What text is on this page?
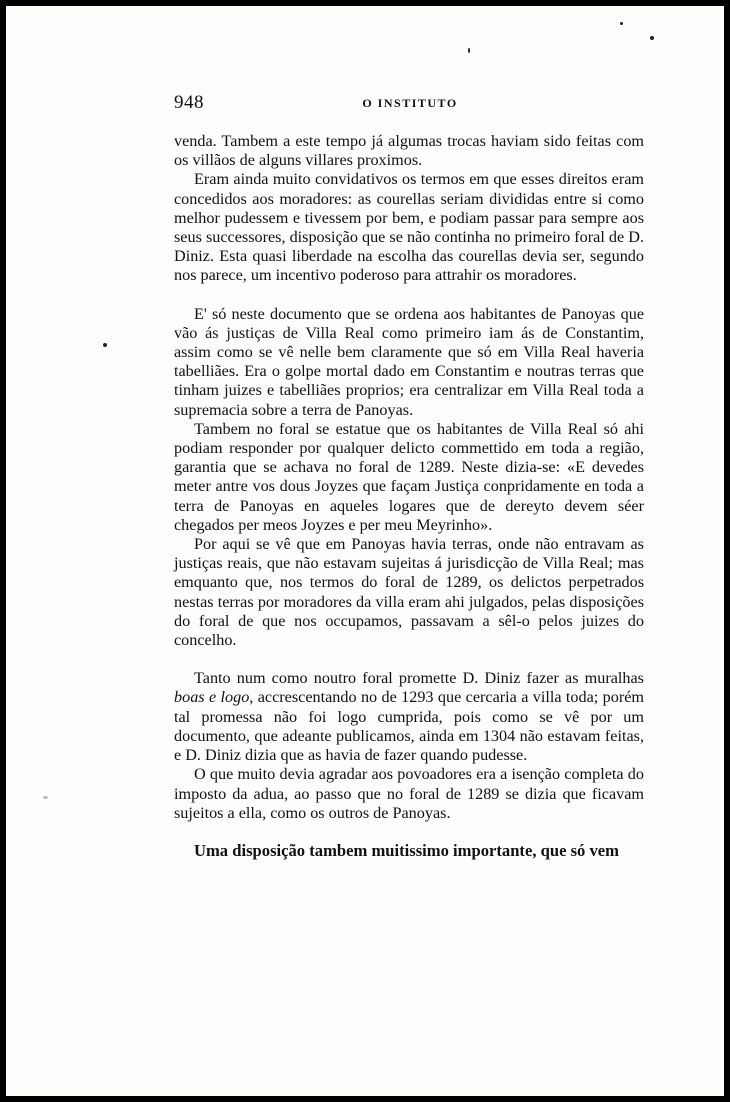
948	O INSTITUTO

venda. Tambem a este tempo já algumas trocas haviam sido feitas com os villãos de alguns villares proximos.

Eram ainda muito convidativos os termos em que esses direitos eram concedidos aos moradores: as courellas seriam divididas entre si como melhor pudessem e tivessem por bem, e podiam passar para sempre aos seus successores, disposição que se não continha no primeiro foral de D. Diniz. Esta quasi liberdade na escolha das courellas devia ser, segundo nos parece, um incentivo poderoso para attrahir os moradores.

E' só neste documento que se ordena aos habitantes de Panoyas que vão ás justiças de Villa Real como primeiro iam ás de Constantim, assim como se vê nelle bem claramente que só em Villa Real haveria tabelliães. Era o golpe mortal dado em Constantim e noutras terras que tinham juizes e tabelliães proprios; era centralizar em Villa Real toda a supremacia sobre a terra de Panoyas.

Tambem no foral se estatue que os habitantes de Villa Real só ahi podiam responder por qualquer delicto commettido em toda a região, garantia que se achava no foral de 1289. Neste dizia-se: «E devedes meter antre vos dous Joyzes que façam Justiça conpridamente en toda a terra de Panoyas en aqueles logares que de dereyto devem séer chegados per meos Joyzes e per meu Meyrinho».

Por aqui se vê que em Panoyas havia terras, onde não entravam as justiças reais, que não estavam sujeitas á jurisdicção de Villa Real; mas emquanto que, nos termos do foral de 1289, os delictos perpetrados nestas terras por moradores da villa eram ahi julgados, pelas disposições do foral de que nos occupamos, passavam a sêl-o pelos juizes do concelho.

Tanto num como noutro foral promette D. Diniz fazer as muralhas boas e logo, accrescentando no de 1293 que cercaria a villa toda; porém tal promessa não foi logo cumprida, pois como se vê por um documento, que adeante publicamos, ainda em 1304 não estavam feitas, e D. Diniz dizia que as havia de fazer quando pudesse.

O que muito devia agradar aos povoadores era a isenção completa do imposto da adua, ao passo que no foral de 1289 se dizia que ficavam sujeitos a ella, como os outros de Panoyas.

Uma disposição tambem muitissimo importante, que só vem
